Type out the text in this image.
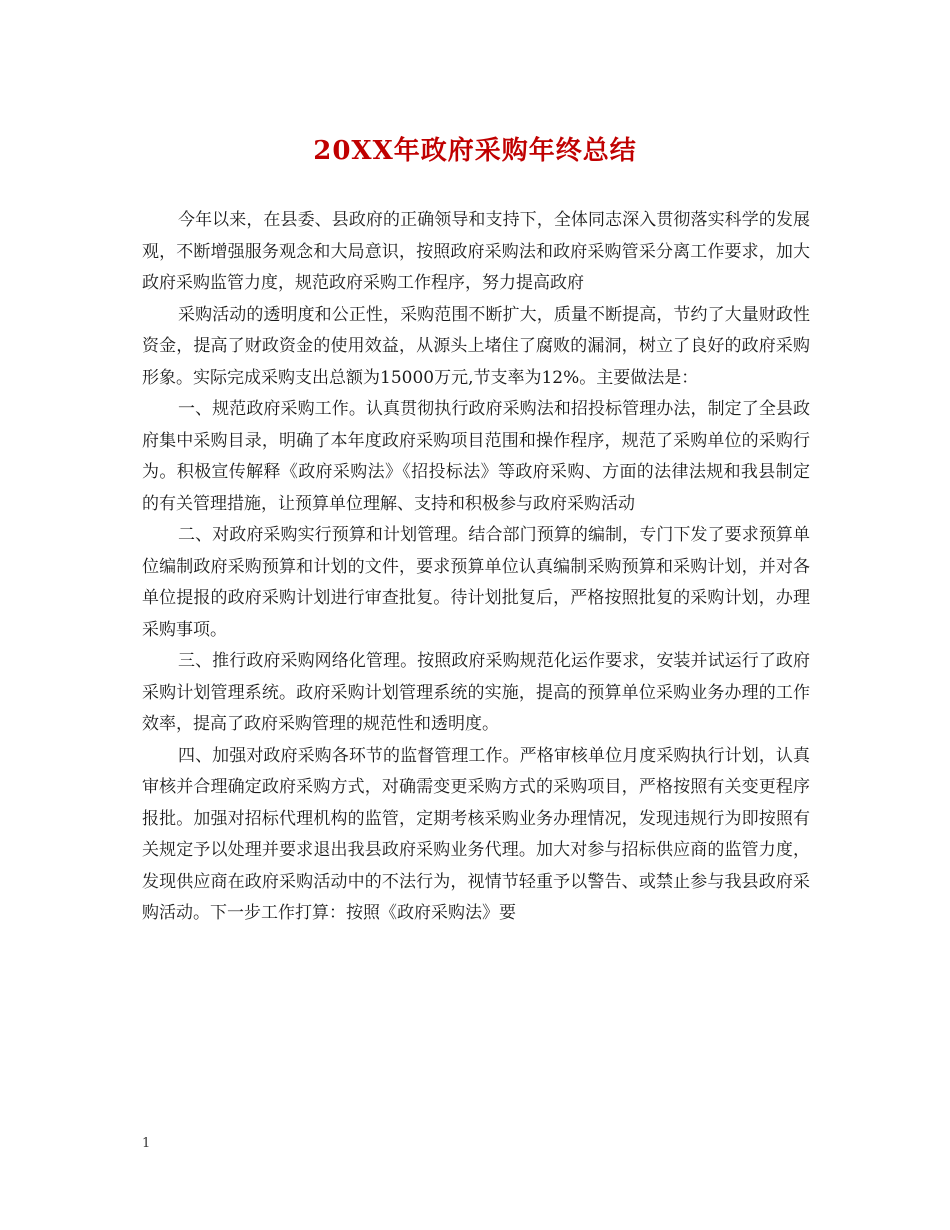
20XX年政府采购年终总结

今年以来，在县委、县政府的正确领导和支持下，全体同志深入贯彻落实科学的发展观，不断增强服务观念和大局意识，按照政府采购法和政府采购管采分离工作要求，加大政府采购监管力度，规范政府采购工作程序，努力提高政府

采购活动的透明度和公正性，采购范围不断扩大，质量不断提高，节约了大量财政性资金，提高了财政资金的使用效益，从源头上堵住了腐败的漏洞，树立了良好的政府采购形象。实际完成采购支出总额为15000万元,节支率为12%。主要做法是：

一、规范政府采购工作。认真贯彻执行政府采购法和招投标管理办法，制定了全县政府集中采购目录，明确了本年度政府采购项目范围和操作程序，规范了采购单位的采购行为。积极宣传解释《政府采购法》《招投标法》等政府采购、方面的法律法规和我县制定的有关管理措施，让预算单位理解、支持和积极参与政府采购活动

二、对政府采购实行预算和计划管理。结合部门预算的编制，专门下发了要求预算单位编制政府采购预算和计划的文件，要求预算单位认真编制采购预算和采购计划，并对各单位提报的政府采购计划进行审查批复。待计划批复后，严格按照批复的采购计划，办理采购事项。

三、推行政府采购网络化管理。按照政府采购规范化运作要求，安装并试运行了政府采购计划管理系统。政府采购计划管理系统的实施，提高的预算单位采购业务办理的工作效率，提高了政府采购管理的规范性和透明度。

四、加强对政府采购各环节的监督管理工作。严格审核单位月度采购执行计划，认真审核并合理确定政府采购方式，对确需变更采购方式的采购项目，严格按照有关变更程序报批。加强对招标代理机构的监管，定期考核采购业务办理情况，发现违规行为即按照有关规定予以处理并要求退出我县政府采购业务代理。加大对参与招标供应商的监管力度，发现供应商在政府采购活动中的不法行为，视情节轻重予以警告、或禁止参与我县政府采购活动。下一步工作打算：按照《政府采购法》要

1
